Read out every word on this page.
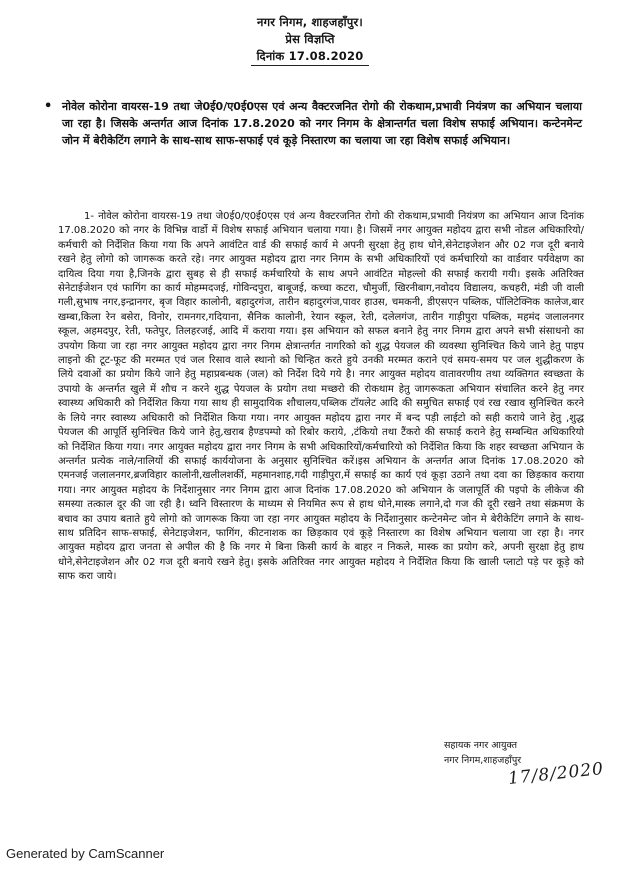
नगर निगम, शाहजहाँपुर।
प्रेस विज्ञप्ति
दिनांक 17.08.2020
• नोवेल कोरोना वायरस-19 तथा जे0ई0/ए0ई0एस एवं अन्य वैक्टरजनित रोगो की रोकथाम,प्रभावी नियंत्रण का अभियान चलाया जा रहा है। जिसके अन्तर्गत आज दिनांक 17.8.2020 को नगर निगम के क्षेत्रान्तर्गत चला विशेष सफाई अभियान। कन्टेनमेन्ट जोन में बेरीकेटिंग लगाने के साथ-साथ साफ-सफाई एवं कूड़े निस्तारण का चलाया जा रहा विशेष सफाई अभियान।
1- नोवेल कोरोना वायरस-19 तथा जे0ई0/ए0ई0एस एवं अन्य वैक्टरजनित रोगो की रोकथाम,प्रभावी नियंत्रण का अभियान आज दिनांक 17.08.2020 को नगर के विभिन्न वार्डो में विशेष सफाई अभियान चलाया गया। है। जिसमें नगर आयुक्त महोदय द्वारा सभी नोडल अधिकारियो/कर्मचारी को निर्देशित किया गया कि अपने आवंटित वार्ड की सफाई कार्य मे अपनी सुरक्षा हेतु हाथ धोने,सेनेटाइजेशन और 02 गज दूरी बनाये रखने हेतु लोगो को जागरूक करते रहे। नगर आयुक्त महोदय द्वारा नगर निगम के सभी अधिकारियों एवं कर्मचारियो का वार्डवार पर्यवेक्षण का दायित्व दिया गया है,जिनके द्वारा सुबह से ही सफाई कर्मचारियो के साथ अपने आवंटित मोहल्लो की सफाई करायी गयी। इसके अतिरिक्त सेनेटाईजेशन एवं फागिंग का कार्य मोहम्मदजई, गोविन्दपुरा, बाबूजई, कच्चा कटरा, चौमुर्जी, खिरनीबाग,नवोदय विद्यालय, कचहरी, मंडी जी वाली गली,सुभाष नगर,इन्द्रानगर, बृज विहार कालोनी, बहादुरगंज, तारीन बहादुरगंज,पावर हाउस, चमकनी, डीएसएन पब्लिक, पॉलिटेक्निक कालेज,बार खम्बा,किला रेन बसेरा, विनोर, रामनगर,गदियाना, सैनिक कालोनी, रेयान स्कूल, रेती, दलेलगंज, तारीन गाड़ीपुरा पब्लिक, महमंद जलालनगर स्कूल, अहमदपुर, रेती, फतेपुर, तिलहरजई, आदि में कराया गया। इस अभियान को सफल बनाने हेतु नगर निगम द्वारा अपने सभी संसाधनो का उपयोग किया जा रहा नगर आयुक्त महोदय द्वारा नगर निगम क्षेत्रान्तर्गत नागरिको को शुद्ध पेयजल की व्यवस्था सुनिश्चित किये जाने हेतु पाइप लाइनो की टूट-फूट की मरम्मत एवं जल रिसाव वाले स्थानो को चिन्हित करते हुये उनकी मरम्मत कराने एवं समय-समय पर जल शुद्धीकरण के लिये दवाओं का प्रयोग किये जाने हेतु महाप्रबन्धक (जल) को निर्देश दिये गये है। नगर आयुक्त महोदय वातावरणीय तथा व्यक्तिगत स्वच्छता के उपायो के अन्तर्गत खुले में शौच न करने शुद्ध पेयजल के प्रयोग तथा मच्छरो की रोकथाम हेतु जागरूकता अभियान संचालित करने हेतु नगर स्वास्थ्य अधिकारी को निर्देशित किया गया साथ ही सामुदायिक शौचालय,पब्लिक टॉयलेट आदि की समुचित सफाई एवं रख रखाव सुनिश्चित करने के लिये नगर स्वास्थ्य अधिकारी को निर्देशित किया गया। नगर आयुक्त महोदय द्वारा नगर में बन्द पड़ी लाईटो को सही कराये जाने हेतु ,शुद्ध पेयजल की आपूर्ति सुनिश्चित किये जाने हेतु,खराब हैण्डपम्पो को रिबोर कराये, ,टंकियो तथा टैंकरो की सफाई कराने हेतु सम्बन्धित अधिकारियो को निर्देशित किया गया। नगर आयुक्त महोदय द्वारा नगर निगम के सभी अधिकारियों/कर्मचारियो को निर्देशित किया कि शहर स्वच्छता अभियान के अन्तर्गत प्रत्येक नाले/नालियों की सफाई कार्ययोजना के अनुसार सुनिश्चित करें।इस अभियान के अन्तर्गत आज दिनांक 17.08.2020 को एमनजई जलालनगर,ब्रजविहार कालोनी,खलीलशर्की, महमानशाह,गदी गाड़ीपुरा,में सफाई का कार्य एवं कूड़ा उठाने तथा दवा का छिड़काव कराया गया। नगर आयुक्त महोदय के निर्देशानुसार नगर निगम द्वारा आज दिनांक 17.08.2020 को अभियान के जलापूर्ति की पइपो के लीकेज की समस्या तत्काल दूर की जा रही है। ध्वनि विस्तारण के माध्यम से नियमित रूप से हाथ धोने,मास्क लगाने,दो गज की दूरी रखने तथा संक्रमण के बचाव का उपाय बताते हुये लोगो को जागरूक किया जा रहा नगर आयुक्त महोदय के निर्देशानुसार कन्टेनमेन्ट जोन मे बेरीकेटिंग लगाने के साथ-साथ प्रतिदिन साफ-सफाई, सेनेटाइजेशन, फागिंग, कीटनाशक का छिड़काव एवं कूड़े निस्तारण का विशेष अभियान चलाया जा रहा है। नगर आयुक्त महोदय द्वारा जनता से अपील की है कि नगर मे बिना किसी कार्य के बाहर न निकले, मास्क का प्रयोग करे, अपनी सुरक्षा हेतु हाथ धोने,सेनेटाइजेशन और 02 गज दूरी बनाये रखने हेतु। इसके अतिरिक्त नगर आयुक्त महोदय ने निर्देशित किया कि खाली प्लाटो पड़े पर कूड़े को साफ करा जाये।
सहायक नगर आयुक्त
नगर निगम,शाहजहाँपुर
17/8/2020
Generated by CamScanner
